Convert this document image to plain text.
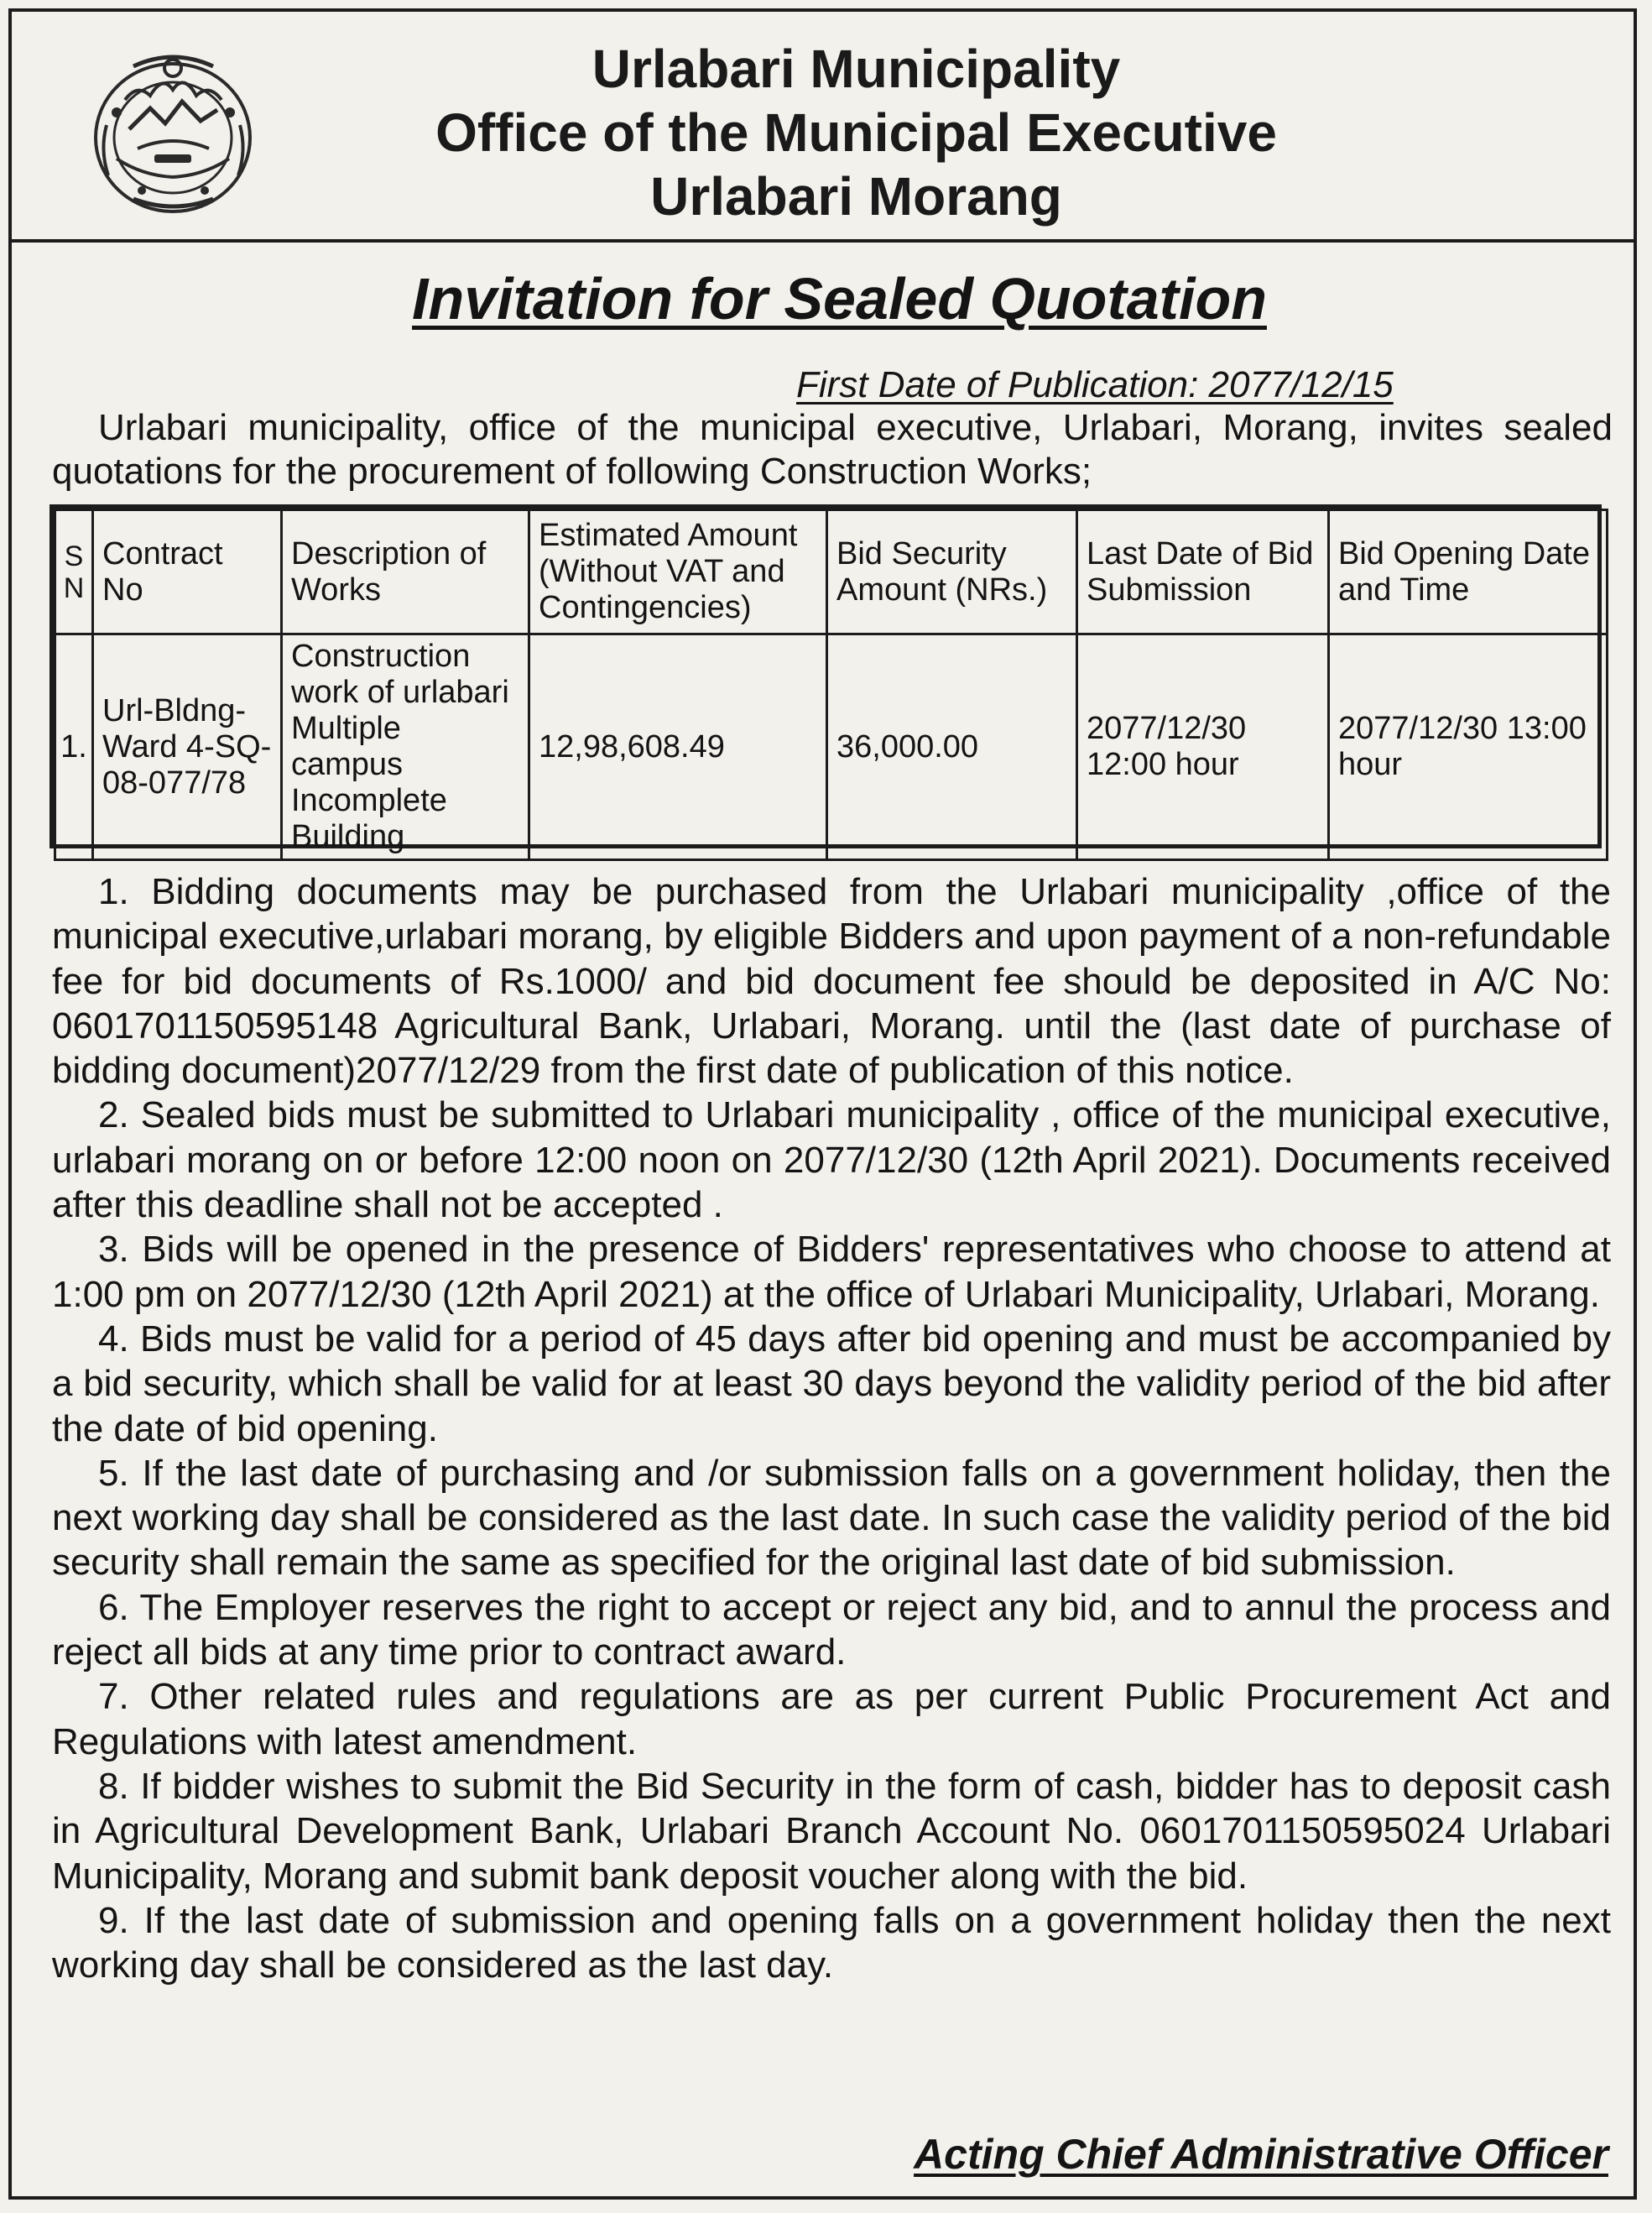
Urlabari Municipality
Office of the Municipal Executive
Urlabari Morang
Invitation for Sealed Quotation
First Date of Publication: 2077/12/15
Urlabari municipality, office of the municipal executive, Urlabari, Morang, invites sealed quotations for the procurement of following Construction Works;
S N	Contract No	Description of Works	Estimated Amount (Without VAT and Contingencies)	Bid Security Amount (NRs.)	Last Date of Bid Submission	Bid Opening Date and Time
1.	Url-Bldng-Ward 4-SQ-08-077/78	Construction work of urlabari Multiple campus Incomplete Building	12,98,608.49	36,000.00	2077/12/30 12:00 hour	2077/12/30 13:00 hour
1. Bidding documents may be purchased from the Urlabari municipality ,office of the municipal executive,urlabari morang, by eligible Bidders and upon payment of a non-refundable fee for bid documents of Rs.1000/ and bid document fee should be deposited in A/C No: 0601701150595148 Agricultural Bank, Urlabari, Morang. until the (last date of purchase of bidding document)2077/12/29 from the first date of publication of this notice.
2. Sealed bids must be submitted to Urlabari municipality , office of the municipal executive, urlabari morang on or before 12:00 noon on 2077/12/30 (12th April 2021). Documents received after this deadline shall not be accepted .
3. Bids will be opened in the presence of Bidders' representatives who choose to attend at 1:00 pm on 2077/12/30 (12th April 2021) at the office of Urlabari Municipality, Urlabari, Morang.
4. Bids must be valid for a period of 45 days after bid opening and must be accompanied by a bid security, which shall be valid for at least 30 days beyond the validity period of the bid after the date of bid opening.
5. If the last date of purchasing and /or submission falls on a government holiday, then the next working day shall be considered as the last date. In such case the validity period of the bid security shall remain the same as specified for the original last date of bid submission.
6. The Employer reserves the right to accept or reject any bid, and to annul the process and reject all bids at any time prior to contract award.
7. Other related rules and regulations are as per current Public Procurement Act and Regulations with latest amendment.
8. If bidder wishes to submit the Bid Security in the form of cash, bidder has to deposit cash in Agricultural Development Bank, Urlabari Branch Account No. 0601701150595024 Urlabari Municipality, Morang and submit bank deposit voucher along with the bid.
9. If the last date of submission and opening falls on a government holiday then the next working day shall be considered as the last day.
Acting Chief Administrative Officer
